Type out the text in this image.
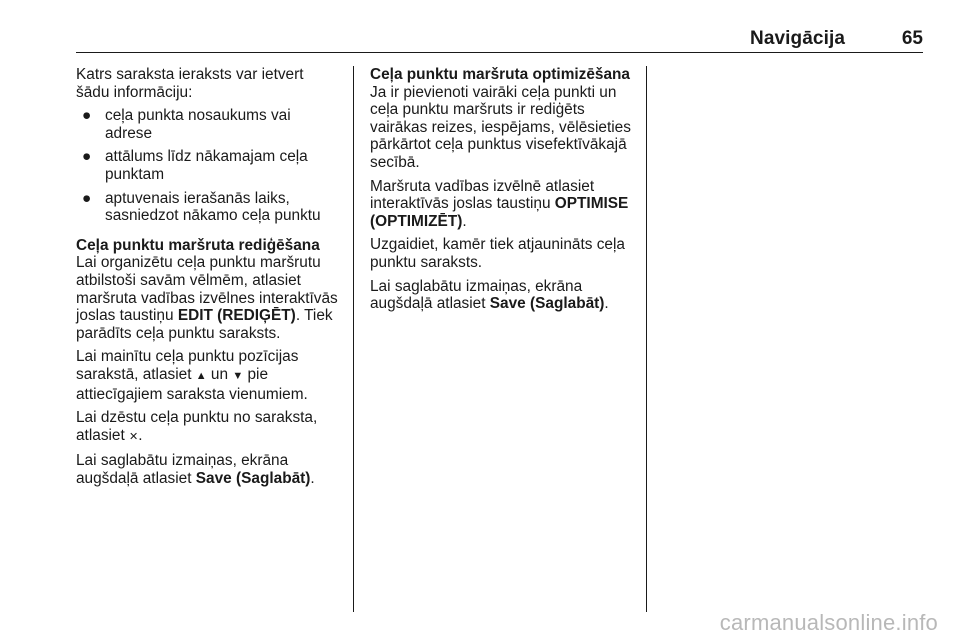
Navigācija	65

Katrs saraksta ieraksts var ietvert šādu informāciju:

● ceļa punkta nosaukums vai adrese
● attālums līdz nākamajam ceļa punktam
● aptuvenais ierašanās laiks, sasniedzot nākamo ceļa punktu

Ceļa punktu maršruta rediģēšana

Lai organizētu ceļa punktu maršrutu atbilstoši savām vēlmēm, atlasiet maršruta vadības izvēlnes interaktīvās joslas taustiņu EDIT (REDIĢĒT). Tiek parādīts ceļa punktu saraksts.

Lai mainītu ceļa punktu pozīcijas sarakstā, atlasiet ▲ un ▼ pie attiecīgajiem saraksta vienumiem.

Lai dzēstu ceļa punktu no saraksta, atlasiet ✕.

Lai saglabātu izmaiņas, ekrāna augšdaļā atlasiet Save (Saglabāt).

Ceļa punktu maršruta optimizēšana

Ja ir pievienoti vairāki ceļa punkti un ceļa punktu maršruts ir rediģēts vairākas reizes, iespējams, vēlēsieties pārkārtot ceļa punktus visefektīvākajā secībā.

Maršruta vadības izvēlnē atlasiet interaktīvās joslas taustiņu OPTIMISE (OPTIMIZĒT).

Uzgaidiet, kamēr tiek atjaunināts ceļa punktu saraksts.

Lai saglabātu izmaiņas, ekrāna augšdaļā atlasiet Save (Saglabāt).

carmanualsonline.info
